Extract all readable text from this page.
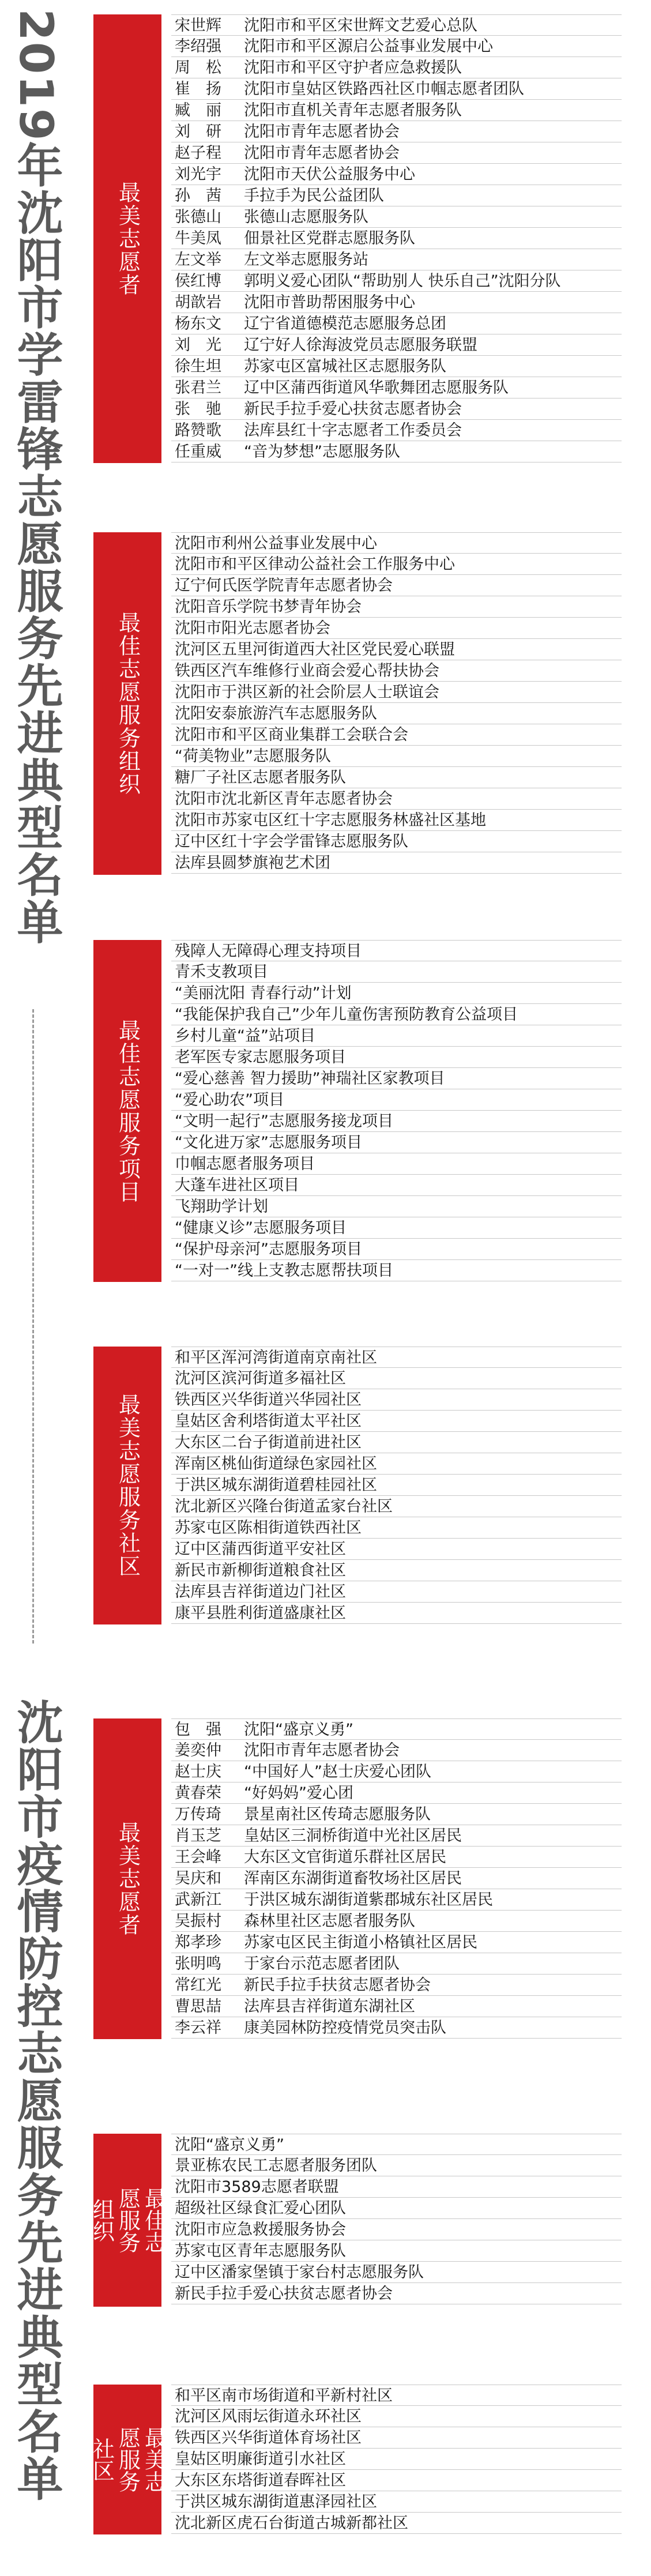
2019年沈阳市学雷锋志愿服务先进典型名单
沈阳市疫情防控志愿服务先进典型名单
最美志愿者
宋世辉 沈阳市和平区宋世辉文艺爱心总队
李绍强 沈阳市和平区源启公益事业发展中心
周　松 沈阳市和平区守护者应急救援队
崔　扬 沈阳市皇姑区铁路西社区巾帼志愿者团队
臧　丽 沈阳市直机关青年志愿者服务队
刘　研 沈阳市青年志愿者协会
赵子程 沈阳市青年志愿者协会
刘光宇 沈阳市天伏公益服务中心
孙　茜 手拉手为民公益团队
张德山 张德山志愿服务队
牛美凤 佃景社区党群志愿服务队
左文举 左文举志愿服务站
侯红博 郭明义爱心团队“帮助别人 快乐自己”沈阳分队
胡歆岩 沈阳市普助帮困服务中心
杨东文 辽宁省道德模范志愿服务总团
刘　光 辽宁好人徐海波党员志愿服务联盟
徐生坦 苏家屯区富城社区志愿服务队
张君兰 辽中区蒲西街道风华歌舞团志愿服务队
张　驰 新民手拉手爱心扶贫志愿者协会
路赞歌 法库县红十字志愿者工作委员会
任重威 “音为梦想”志愿服务队
最佳志愿服务组织
沈阳市利州公益事业发展中心
沈阳市和平区律动公益社会工作服务中心
辽宁何氏医学院青年志愿者协会
沈阳音乐学院书梦青年协会
沈阳市阳光志愿者协会
沈河区五里河街道西大社区党民爱心联盟
铁西区汽车维修行业商会爱心帮扶协会
沈阳市于洪区新的社会阶层人士联谊会
沈阳安泰旅游汽车志愿服务队
沈阳市和平区商业集群工会联合会
“荷美物业”志愿服务队
糖厂子社区志愿者服务队
沈阳市沈北新区青年志愿者协会
沈阳市苏家屯区红十字志愿服务林盛社区基地
辽中区红十字会学雷锋志愿服务队
法库县圆梦旗袍艺术团
最佳志愿服务项目
残障人无障碍心理支持项目
青禾支教项目
“美丽沈阳 青春行动”计划
“我能保护我自己”少年儿童伤害预防教育公益项目
乡村儿童“益”站项目
老军医专家志愿服务项目
“爱心慈善 智力援助”神瑞社区家教项目
“爱心助农”项目
“文明一起行”志愿服务接龙项目
“文化进万家”志愿服务项目
巾帼志愿者服务项目
大蓬车进社区项目
飞翔助学计划
“健康义诊”志愿服务项目
“保护母亲河”志愿服务项目
“一对一”线上支教志愿帮扶项目
最美志愿服务社区
和平区浑河湾街道南京南社区
沈河区滨河街道多福社区
铁西区兴华街道兴华园社区
皇姑区舍利塔街道太平社区
大东区二台子街道前进社区
浑南区桃仙街道绿色家园社区
于洪区城东湖街道碧桂园社区
沈北新区兴隆台街道孟家台社区
苏家屯区陈相街道铁西社区
辽中区蒲西街道平安社区
新民市新柳街道粮食社区
法库县吉祥街道边门社区
康平县胜利街道盛康社区
最美志愿者
包　强 沈阳“盛京义勇”
姜奕仲 沈阳市青年志愿者协会
赵士庆 “中国好人”赵士庆爱心团队
黄春荣 “好妈妈”爱心团
万传琦 景星南社区传琦志愿服务队
肖玉芝 皇姑区三洞桥街道中光社区居民
王会峰 大东区文官街道乐群社区居民
吴庆和 浑南区东湖街道畜牧场社区居民
武新江 于洪区城东湖街道紫郡城东社区居民
吴振村 森林里社区志愿者服务队
郑孝珍 苏家屯区民主街道小格镇社区居民
张明鸣 于家台示范志愿者团队
常红光 新民手拉手扶贫志愿者协会
曹思喆 法库县吉祥街道东湖社区
李云祥 康美园林防控疫情党员突击队
最佳志愿服务组织
沈阳“盛京义勇”
景亚栋农民工志愿者服务团队
沈阳市3589志愿者联盟
超级社区绿食汇爱心团队
沈阳市应急救援服务协会
苏家屯区青年志愿服务队
辽中区潘家堡镇于家台村志愿服务队
新民手拉手爱心扶贫志愿者协会
最美志愿服务社区
和平区南市场街道和平新村社区
沈河区风雨坛街道永环社区
铁西区兴华街道体育场社区
皇姑区明廉街道引水社区
大东区东塔街道春晖社区
于洪区城东湖街道惠泽园社区
沈北新区虎石台街道古城新都社区
